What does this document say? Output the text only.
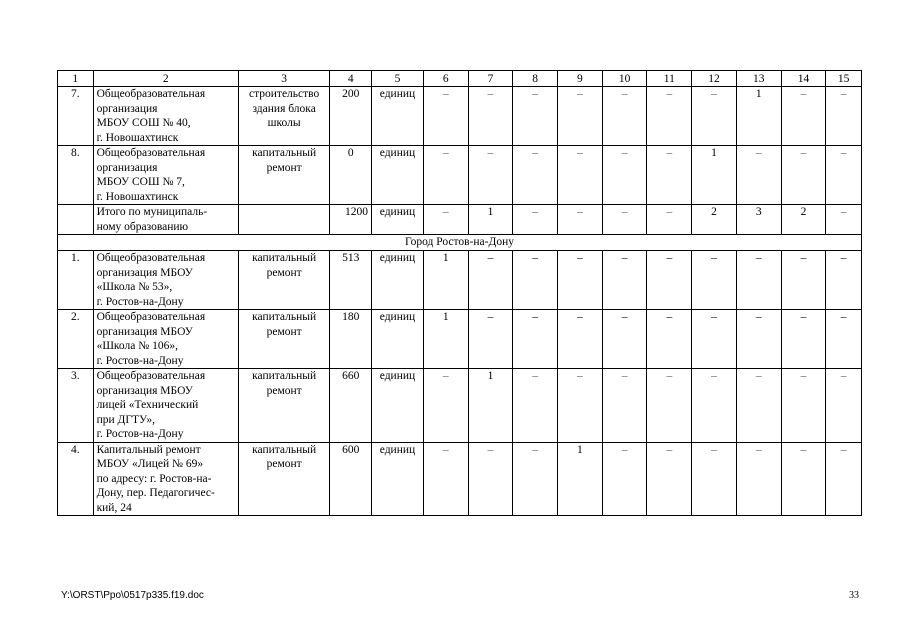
1	2	3	4	5	6	7	8	9	10	11	12	13	14	15
7.	Общеобразовательная
организация
МБОУ СОШ № 40,
г. Новошахтинск	строительство
здания блока
школы	200	единиц	–	–	–	–	–	–	–	1	–	–
8.	Общеобразовательная
организация
МБОУ СОШ № 7,
г. Новошахтинск	капитальный
ремонт	0	единиц	–	–	–	–	–	–	1	–	–	–
	Итого по муниципаль-
ному образованию		1200	единиц	–	1	–	–	–	–	2	3	2	–
Город Ростов-на-Дону														
1.	Общеобразовательная
организация МБОУ
«Школа № 53»,
г. Ростов-на-Дону	капитальный
ремонт	513	единиц	1	–	–	–	–	–	–	–	–	–
2.	Общеобразовательная
организация МБОУ
«Школа № 106»,
г. Ростов-на-Дону	капитальный
ремонт	180	единиц	1	–	–	–	–	–	–	–	–	–
3.	Общеобразовательная
организация МБОУ
лицей «Технический
при ДГТУ»,
г. Ростов-на-Дону	капитальный
ремонт	660	единиц	–	1	–	–	–	–	–	–	–	–
4.	Капитальный ремонт
МБОУ «Лицей № 69»
по адресу: г. Ростов-на-
Дону, пер. Педагогичес-
кий, 24	капитальный
ремонт	600	единиц	–	–	–	1	–	–	–	–	–	–
Y:\ORST\Ppo\0517p335.f19.doc	33
